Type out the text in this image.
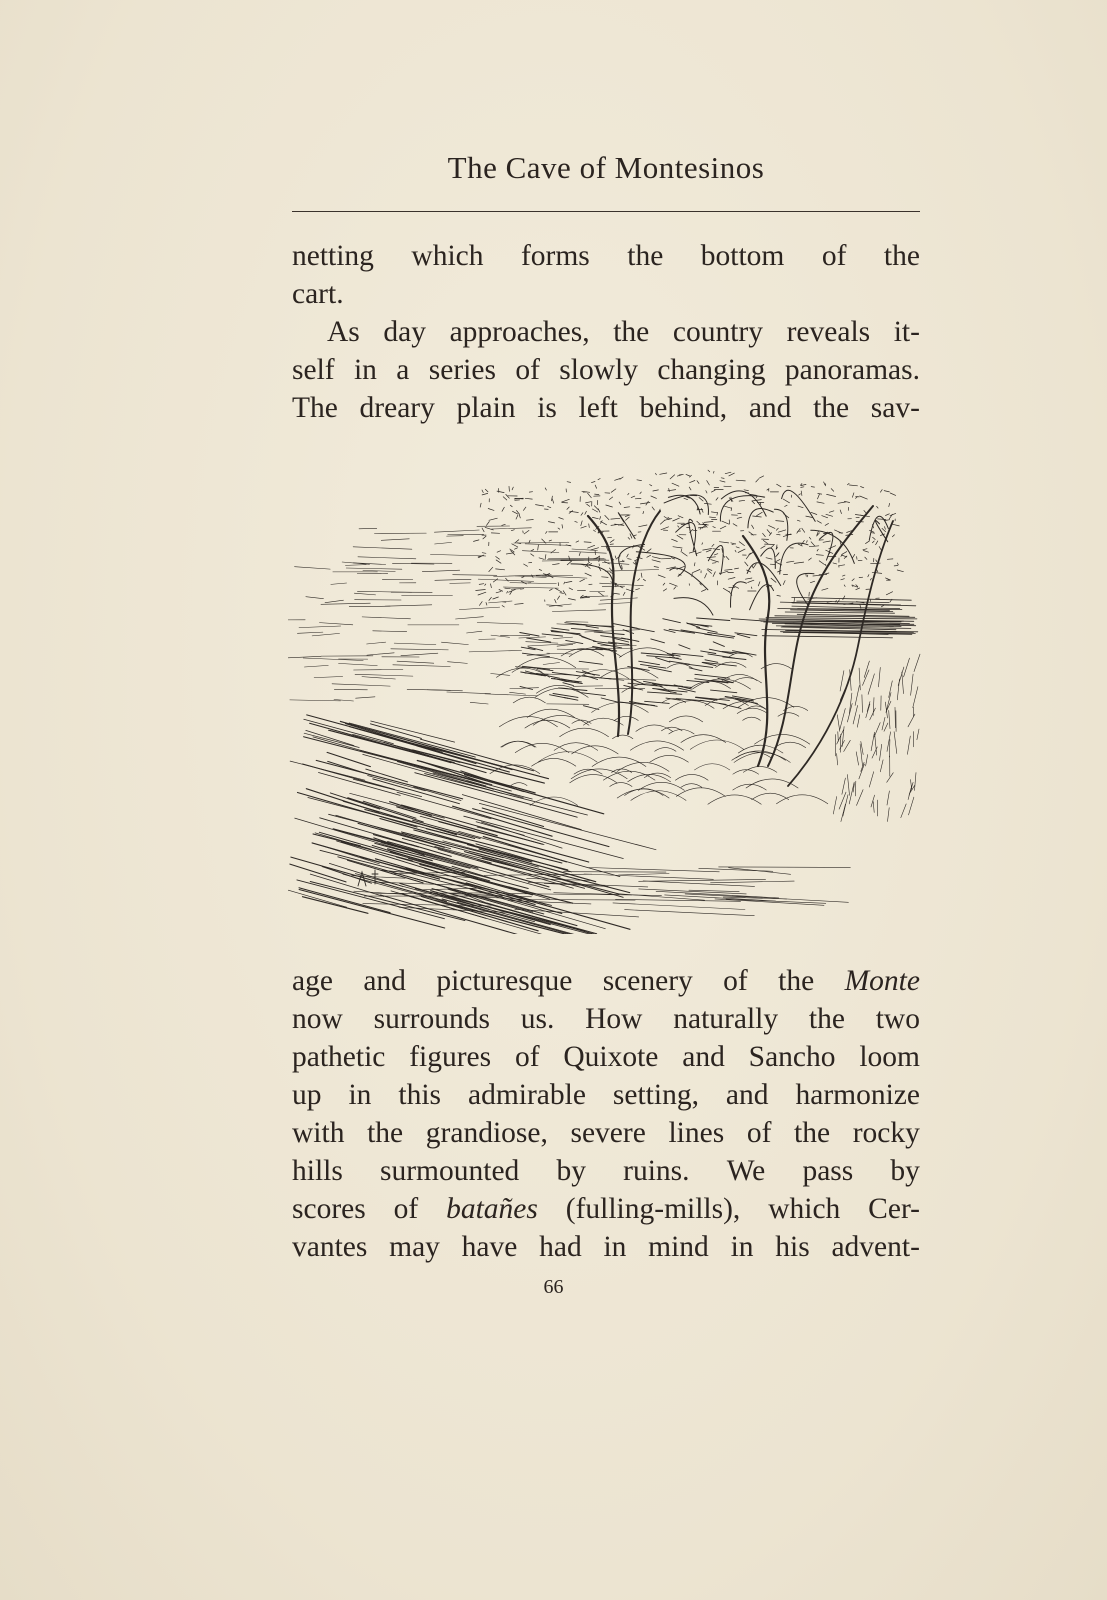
The Cave of Montesinos
netting which forms the bottom of the
cart.
As day approaches, the country reveals it-
self in a series of slowly changing panoramas.
The dreary plain is left behind, and the sav-
age and picturesque scenery of the Monte
now surrounds us. How naturally the two
pathetic figures of Quixote and Sancho loom
up in this admirable setting, and harmonize
with the grandiose, severe lines of the rocky
hills surmounted by ruins. We pass by
scores of batañes (fulling-mills), which Cer-
vantes may have had in mind in his advent-
66
